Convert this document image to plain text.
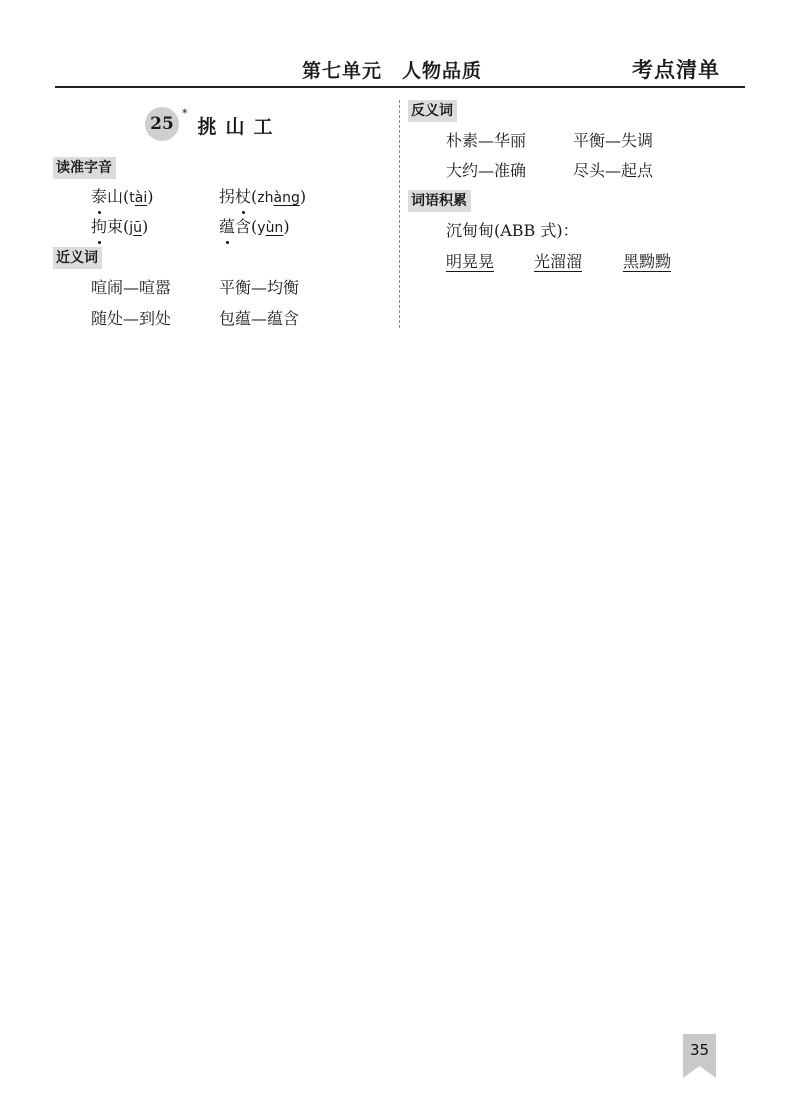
第七单元　人物品质	考点清单
25
*
挑山工
读准字音
泰山(tài)	拐杖(zhàng)
拘束(jū)	蕴含(yùn)
近义词
喧闹—喧嚣	平衡—均衡
随处—到处	包蕴—蕴含
反义词
朴素—华丽	平衡—失调
大约—准确	尽头—起点
词语积累
沉甸甸(ABB 式)：
明晃晃 光溜溜	黑黝黝
35
